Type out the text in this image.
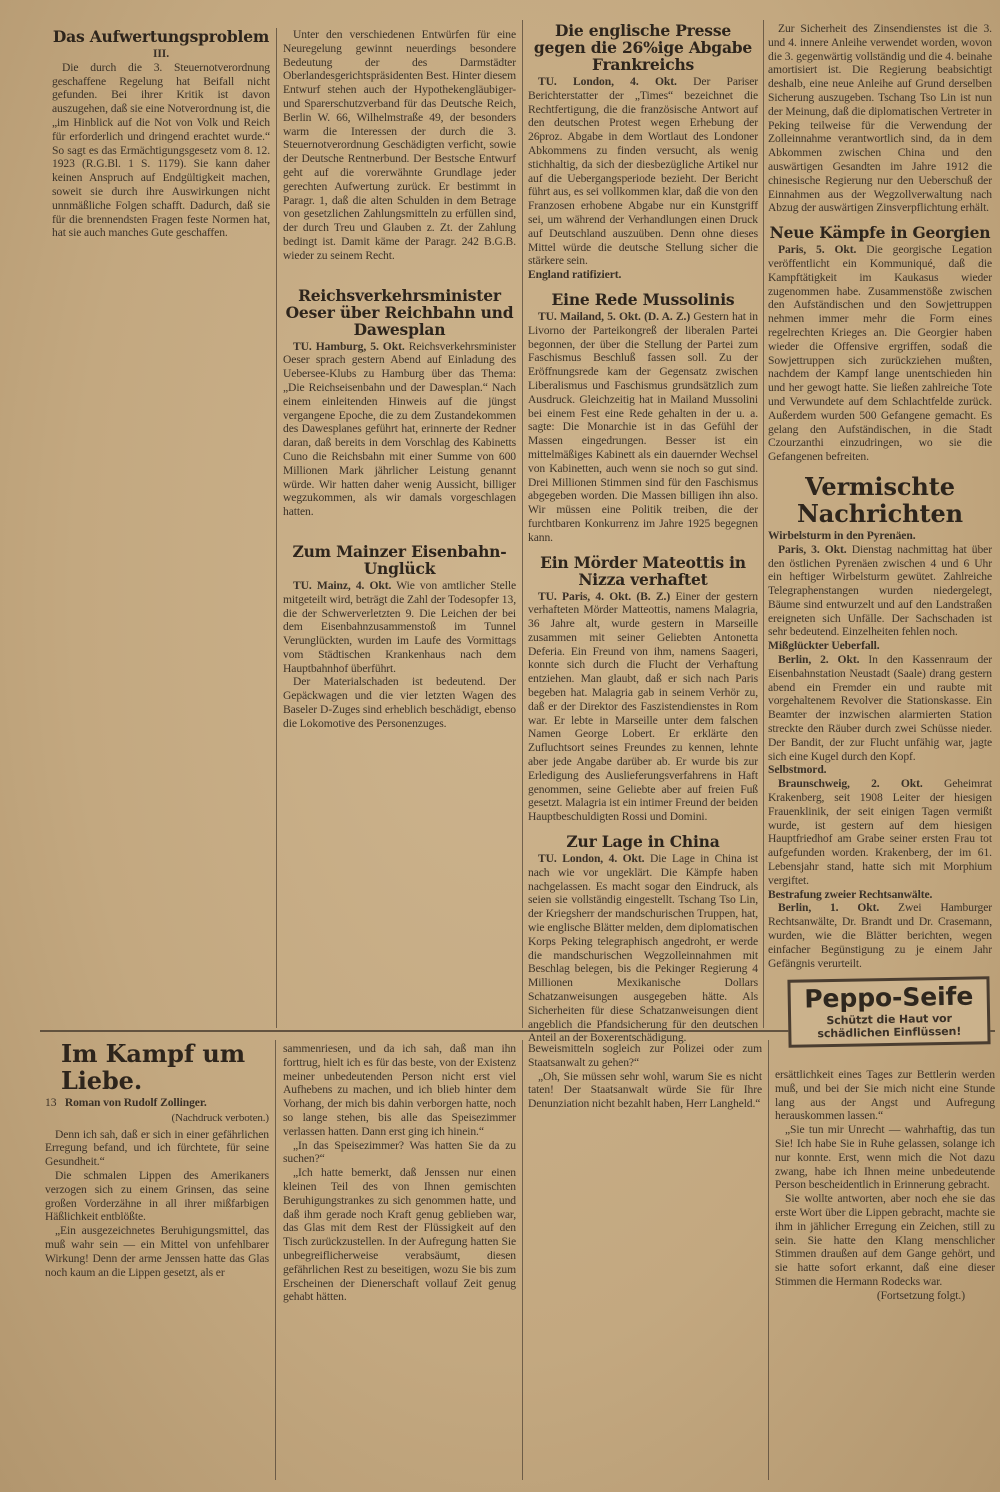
Das Aufwertungsproblem
III.

Die durch die 3. Steuernotverordnung geschaffene Regelung hat Beifall nicht gefunden. Bei ihrer Kritik ist davon auszugehen, daß sie eine Notverordnung ist, die „im Hinblick auf die Not von Volk und Reich für erforderlich und dringend erachtet wurde.“ So sagt es das Ermächtigungsgesetz vom 8. 12. 1923 (R.G.Bl. 1 S. 1179). Sie kann daher keinen Anspruch auf Endgültigkeit machen, soweit sie durch ihre Auswirkungen nicht unnmäßliche Folgen schafft. Dadurch, daß sie für die brennendsten Fragen feste Normen hat, hat sie auch manches Gute geschaffen.

Unter den verschiedenen Entwürfen für eine Neuregelung gewinnt neuerdings besondere Bedeutung der des Darmstädter Oberlandesgerichtspräsidenten Best. Hinter diesem Entwurf stehen auch der Hypothekengläubiger- und Sparerschutzverband für das Deutsche Reich, Berlin W. 66, Wilhelmstraße 49, der besonders warm die Interessen der durch die 3. Steuernotverordnung Geschädigten verficht, sowie der Deutsche Rentnerbund. Der Bestsche Entwurf geht auf die vorerwähnte Grundlage jeder gerechten Aufwertung zurück. Er bestimmt in Paragr. 1, daß die alten Schulden in dem Betrage von gesetzlichen Zahlungsmitteln zu erfüllen sind, der durch Treu und Glauben z. Zt. der Zahlung bedingt ist. Damit käme der Paragr. 242 B.G.B. wieder zu seinem Recht.

Reichsverkehrsminister Oeser über Reichbahn und Dawesplan

TU. Hamburg, 5. Okt. Reichsverkehrsminister Oeser sprach gestern Abend auf Einladung des Uebersee-Klubs zu Hamburg über das Thema: „Die Reichseisenbahn und der Dawesplan.“ Nach einem einleitenden Hinweis auf die jüngst vergangene Epoche, die zu dem Zustandekommen des Dawesplanes geführt hat, erinnerte der Redner daran, daß bereits in dem Vorschlag des Kabinetts Cuno die Reichsbahn mit einer Summe von 600 Millionen Mark jährlicher Leistung genannt würde. Wir hatten daher wenig Aussicht, billiger wegzukommen, als wir damals vorgeschlagen hatten.

Zum Mainzer Eisenbahn-Unglück

TU. Mainz, 4. Okt. Wie von amtlicher Stelle mitgeteilt wird, beträgt die Zahl der Todesopfer 13, die der Schwerverletzten 9. Die Leichen der bei dem Eisenbahnzusammenstoß im Tunnel Verunglückten, wurden im Laufe des Vormittags vom Städtischen Krankenhaus nach dem Hauptbahnhof überführt.

Der Materialschaden ist bedeutend. Der Gepäckwagen und die vier letzten Wagen des Baseler D-Zuges sind erheblich beschädigt, ebenso die Lokomotive des Personenzuges.

Die englische Presse gegen die 26%ige Abgabe Frankreichs

TU. London, 4. Okt. Der Pariser Berichterstatter der „Times“ bezeichnet die Rechtfertigung, die die französische Antwort auf den deutschen Protest wegen Erhebung der 26proz. Abgabe in dem Wortlaut des Londoner Abkommens zu finden versucht, als wenig stichhaltig, da sich der diesbezügliche Artikel nur auf die Uebergangsperiode bezieht. Der Bericht führt aus, es sei vollkommen klar, daß die von den Franzosen erhobene Abgabe nur ein Kunstgriff sei, um während der Verhandlungen einen Druck auf Deutschland auszuüben. Denn ohne dieses Mittel würde die deutsche Stellung sicher die stärkere sein.

England ratifiziert.
Eine Rede Mussolinis

TU. Mailand, 5. Okt. (D. A. Z.) Gestern hat in Livorno der Parteikongreß der liberalen Partei begonnen, der über die Stellung der Partei zum Faschismus Beschluß fassen soll. Zu der Eröffnungsrede kam der Gegensatz zwischen Liberalismus und Faschismus grundsätzlich zum Ausdruck. Gleichzeitig hat in Mailand Mussolini bei einem Fest eine Rede gehalten in der u. a. sagte: Die Monarchie ist in das Gefühl der Massen eingedrungen. Besser ist ein mittelmäßiges Kabinett als ein dauernder Wechsel von Kabinetten, auch wenn sie noch so gut sind. Drei Millionen Stimmen sind für den Faschismus abgegeben worden. Die Massen billigen ihn also. Wir müssen eine Politik treiben, die der furchtbaren Konkurrenz im Jahre 1925 begegnen kann.

Ein Mörder Mateottis in Nizza verhaftet

TU. Paris, 4. Okt. (B. Z.) Einer der gestern verhafteten Mörder Matteottis, namens Malagria, 36 Jahre alt, wurde gestern in Marseille zusammen mit seiner Geliebten Antonetta Deferia. Ein Freund von ihm, namens Saageri, konnte sich durch die Flucht der Verhaftung entziehen. Man glaubt, daß er sich nach Paris begeben hat. Malagria gab in seinem Verhör zu, daß er der Direktor des Faszistendienstes in Rom war. Er lebte in Marseille unter dem falschen Namen George Lobert. Er erklärte den Zufluchtsort seines Freundes zu kennen, lehnte aber jede Angabe darüber ab. Er wurde bis zur Erledigung des Auslieferungsverfahrens in Haft genommen, seine Geliebte aber auf freien Fuß gesetzt. Malagria ist ein intimer Freund der beiden Hauptbeschuldigten Rossi und Domini.

Zur Lage in China

TU. London, 4. Okt. Die Lage in China ist nach wie vor ungeklärt. Die Kämpfe haben nachgelassen. Es macht sogar den Eindruck, als seien sie vollständig eingestellt. Tschang Tso Lin, der Kriegsherr der mandschurischen Truppen, hat, wie englische Blätter melden, dem diplomatischen Korps Peking telegraphisch angedroht, er werde die mandschurischen Wegzolleinnahmen mit Beschlag belegen, bis die Pekinger Regierung 4 Millionen Mexikanische Dollars Schatzanweisungen ausgegeben hätte. Als Sicherheiten für diese Schatzanweisungen dient angeblich die Pfandsicherung für den deutschen Anteil an der Boxerentschädigung.

Zur Sicherheit des Zinsendienstes ist die 3. und 4. innere Anleihe verwendet worden, wovon die 3. gegenwärtig vollständig und die 4. beinahe amortisiert ist. Die Regierung beabsichtigt deshalb, eine neue Anleihe auf Grund derselben Sicherung auszugeben. Tschang Tso Lin ist nun der Meinung, daß die diplomatischen Vertreter in Peking teilweise für die Verwendung der Zolleinnahme verantwortlich sind, da in dem Abkommen zwischen China und den auswärtigen Gesandten im Jahre 1912 die chinesische Regierung nur den Ueberschuß der Einnahmen aus der Wegzollverwaltung nach Abzug der auswärtigen Zinsverpflichtung erhält.

Neue Kämpfe in Georgien

Paris, 5. Okt. Die georgische Legation veröffentlicht ein Kommuniqué, daß die Kampftätigkeit im Kaukasus wieder zugenommen habe. Zusammenstöße zwischen den Aufständischen und den Sowjettruppen nehmen immer mehr die Form eines regelrechten Krieges an. Die Georgier haben wieder die Offensive ergriffen, sodaß die Sowjettruppen sich zurückziehen mußten, nachdem der Kampf lange unentschieden hin und her gewogt hatte. Sie ließen zahlreiche Tote und Verwundete auf dem Schlachtfelde zurück. Außerdem wurden 500 Gefangene gemacht. Es gelang den Aufständischen, in die Stadt Czourzanthi einzudringen, wo sie die Gefangenen befreiten.

Vermischte Nachrichten
Wirbelsturm in den Pyrenäen.

Paris, 3. Okt. Dienstag nachmittag hat über den östlichen Pyrenäen zwischen 4 und 6 Uhr ein heftiger Wirbelsturm gewütet. Zahlreiche Telegraphenstangen wurden niedergelegt, Bäume sind entwurzelt und auf den Landstraßen ereigneten sich Unfälle. Der Sachschaden ist sehr bedeutend. Einzelheiten fehlen noch.

Mißglückter Ueberfall.

Berlin, 2. Okt. In den Kassenraum der Eisenbahnstation Neustadt (Saale) drang gestern abend ein Fremder ein und raubte mit vorgehaltenem Revolver die Stationskasse. Ein Beamter der inzwischen alarmierten Station streckte den Räuber durch zwei Schüsse nieder. Der Bandit, der zur Flucht unfähig war, jagte sich eine Kugel durch den Kopf.

Selbstmord.

Braunschweig, 2. Okt. Geheimrat Krakenberg, seit 1908 Leiter der hiesigen Frauenklinik, der seit einigen Tagen vermißt wurde, ist gestern auf dem hiesigen Hauptfriedhof am Grabe seiner ersten Frau tot aufgefunden worden. Krakenberg, der im 61. Lebensjahr stand, hatte sich mit Morphium vergiftet.

Bestrafung zweier Rechtsanwälte.

Berlin, 1. Okt. Zwei Hamburger Rechtsanwälte, Dr. Brandt und Dr. Crasemann, wurden, wie die Blätter berichten, wegen einfacher Begünstigung zu je einem Jahr Gefängnis verurteilt.

Peppo-Seife
Schützt die Haut vor
schädlichen Einflüssen!
Im Kampf um Liebe.
13 Roman von Rudolf Zollinger.
(Nachdruck verboten.)

Denn ich sah, daß er sich in einer gefährlichen Erregung befand, und ich fürchtete, für seine Gesundheit.“

Die schmalen Lippen des Amerikaners verzogen sich zu einem Grinsen, das seine großen Vorderzähne in all ihrer mißfarbigen Häßlichkeit entblößte.

„Ein ausgezeichnetes Beruhigungsmittel, das muß wahr sein — ein Mittel von unfehlbarer Wirkung! Denn der arme Jenssen hatte das Glas noch kaum an die Lippen gesetzt, als er

sammenriesen, und da ich sah, daß man ihn forttrug, hielt ich es für das beste, von der Existenz meiner unbedeutenden Person nicht erst viel Aufhebens zu machen, und ich blieb hinter dem Vorhang, der mich bis dahin verborgen hatte, noch so lange stehen, bis alle das Speisezimmer verlassen hatten. Dann erst ging ich hinein.“

„In das Speisezimmer? Was hatten Sie da zu suchen?“

„Ich hatte bemerkt, daß Jenssen nur einen kleinen Teil des von Ihnen gemischten Beruhigungstrankes zu sich genommen hatte, und daß ihm gerade noch Kraft genug geblieben war, das Glas mit dem Rest der Flüssigkeit auf den Tisch zurückzustellen. In der Aufregung hatten Sie unbegreiflicherweise verabsäumt, diesen gefährlichen Rest zu beseitigen, wozu Sie bis zum Erscheinen der Dienerschaft vollauf Zeit genug gehabt hätten.

Beweismitteln sogleich zur Polizei oder zum Staatsanwalt zu gehen?“

„Oh, Sie müssen sehr wohl, warum Sie es nicht taten! Der Staatsanwalt würde Sie für Ihre Denunziation nicht bezahlt haben, Herr Langheld.“

ersättlichkeit eines Tages zur Bettlerin werden muß, und bei der Sie mich nicht eine Stunde lang aus der Angst und Aufregung herauskommen lassen.“

„Sie tun mir Unrecht — wahrhaftig, das tun Sie! Ich habe Sie in Ruhe gelassen, solange ich nur konnte. Erst, wenn mich die Not dazu zwang, habe ich Ihnen meine unbedeutende Person bescheidentlich in Erinnerung gebracht.

Sie wollte antworten, aber noch ehe sie das erste Wort über die Lippen gebracht, machte sie ihm in jählicher Erregung ein Zeichen, still zu sein. Sie hatte den Klang menschlicher Stimmen draußen auf dem Gange gehört, und sie hatte sofort erkannt, daß eine dieser Stimmen die Hermann Rodecks war.

(Fortsetzung folgt.)
